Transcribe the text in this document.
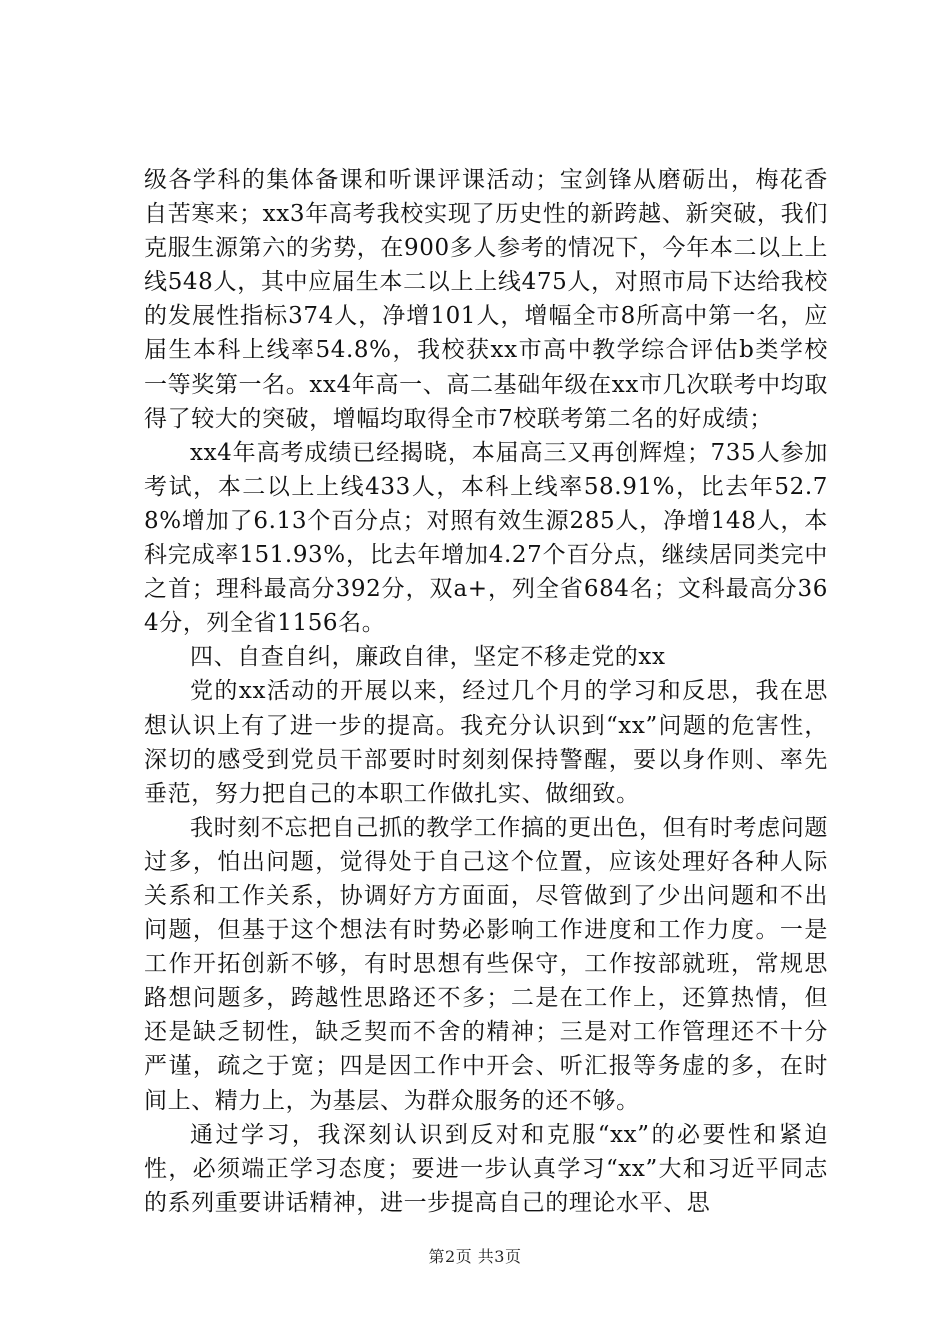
级各学科的集体备课和听课评课活动；宝剑锋从磨砺出，梅花香自苦寒来；xx3年高考我校实现了历史性的新跨越、新突破，我们克服生源第六的劣势，在900多人参考的情况下，今年本二以上上线548人，其中应届生本二以上上线475人，对照市局下达给我校的发展性指标374人，净增101人，增幅全市8所高中第一名，应届生本科上线率54.8%，我校获xx市高中教学综合评估b类学校一等奖第一名。xx4年高一、高二基础年级在xx市几次联考中均取得了较大的突破，增幅均取得全市7校联考第二名的好成绩；

xx4年高考成绩已经揭晓，本届高三又再创辉煌；735人参加考试，本二以上上线433人，本科上线率58.91%，比去年52.78%增加了6.13个百分点；对照有效生源285人，净增148人，本科完成率151.93%，比去年增加4.27个百分点，继续居同类完中之首；理科最高分392分，双a+，列全省684名；文科最高分364分，列全省1156名。

四、自查自纠，廉政自律，坚定不移走党的xx

党的xx活动的开展以来，经过几个月的学习和反思，我在思想认识上有了进一步的提高。我充分认识到“xx”问题的危害性，深切的感受到党员干部要时时刻刻保持警醒，要以身作则、率先垂范，努力把自己的本职工作做扎实、做细致。

我时刻不忘把自己抓的教学工作搞的更出色，但有时考虑问题过多，怕出问题，觉得处于自己这个位置，应该处理好各种人际关系和工作关系，协调好方方面面，尽管做到了少出问题和不出问题，但基于这个想法有时势必影响工作进度和工作力度。一是工作开拓创新不够，有时思想有些保守，工作按部就班，常规思路想问题多，跨越性思路还不多；二是在工作上，还算热情，但还是缺乏韧性，缺乏契而不舍的精神；三是对工作管理还不十分严谨，疏之于宽；四是因工作中开会、听汇报等务虚的多，在时间上、精力上，为基层、为群众服务的还不够。

通过学习，我深刻认识到反对和克服“xx”的必要性和紧迫性，必须端正学习态度；要进一步认真学习“xx”大和习近平同志的系列重要讲话精神，进一步提高自己的理论水平、思

第2页 共3页
